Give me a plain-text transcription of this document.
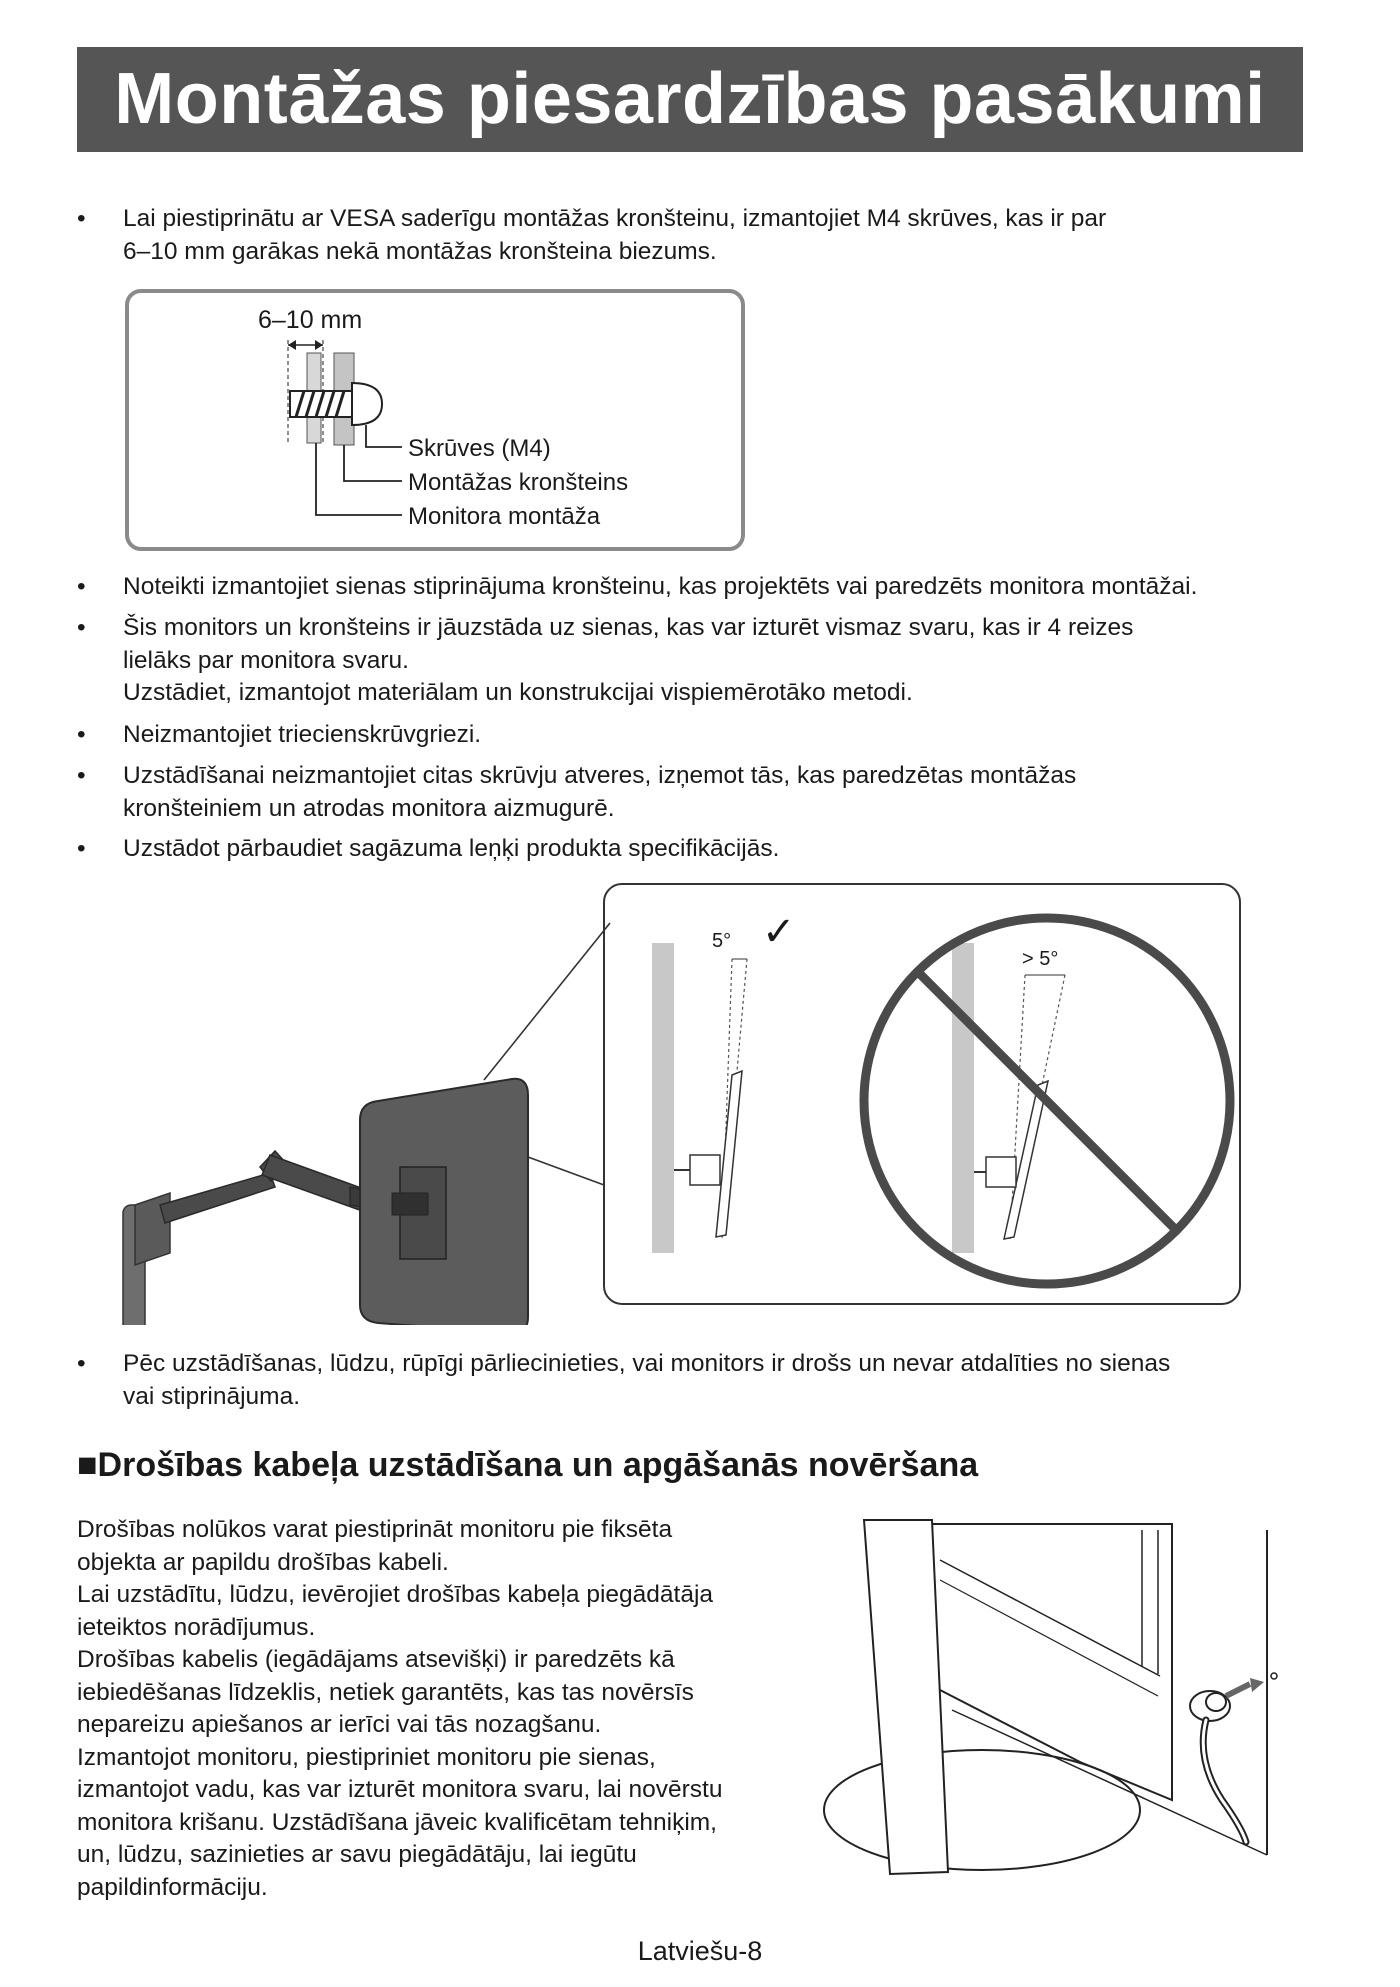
Montāžas piesardzības pasākumi
• Lai piestiprinātu ar VESA saderīgu montāžas kronšteinu, izmantojiet M4 skrūves, kas ir par
6–10 mm garākas nekā montāžas kronšteina biezums.
6–10 mm
Skrūves (M4)
Montāžas kronšteins
Monitora montāža
• Noteikti izmantojiet sienas stiprinājuma kronšteinu, kas projektēts vai paredzēts monitora montāžai.
• Šis monitors un kronšteins ir jāuzstāda uz sienas, kas var izturēt vismaz svaru, kas ir 4 reizes
lielāks par monitora svaru.
Uzstādiet, izmantojot materiālam un konstrukcijai vispiemērotāko metodi.
• Neizmantojiet triecienskrūvgriezi.
• Uzstādīšanai neizmantojiet citas skrūvju atveres, izņemot tās, kas paredzētas montāžas
kronšteiniem un atrodas monitora aizmugurē.
• Uzstādot pārbaudiet sagāzuma leņķi produkta specifikācijās.
5° ✓
> 5°
• Pēc uzstādīšanas, lūdzu, rūpīgi pārliecinieties, vai monitors ir drošs un nevar atdalīties no sienas
vai stiprinājuma.
■Drošības kabeļa uzstādīšana un apgāšanās novēršana
Drošības nolūkos varat piestiprināt monitoru pie fiksēta
objekta ar papildu drošības kabeli.
Lai uzstādītu, lūdzu, ievērojiet drošības kabeļa piegādātāja
ieteiktos norādījumus.
Drošības kabelis (iegādājams atsevišķi) ir paredzēts kā
iebiedēšanas līdzeklis, netiek garantēts, kas tas novērsīs
nepareizu apiešanos ar ierīci vai tās nozagšanu.
Izmantojot monitoru, piestipriniet monitoru pie sienas,
izmantojot vadu, kas var izturēt monitora svaru, lai novērstu
monitora krišanu. Uzstādīšana jāveic kvalificētam tehniķim,
un, lūdzu, sazinieties ar savu piegādātāju, lai iegūtu
papildinformāciju.
Latviešu-8
